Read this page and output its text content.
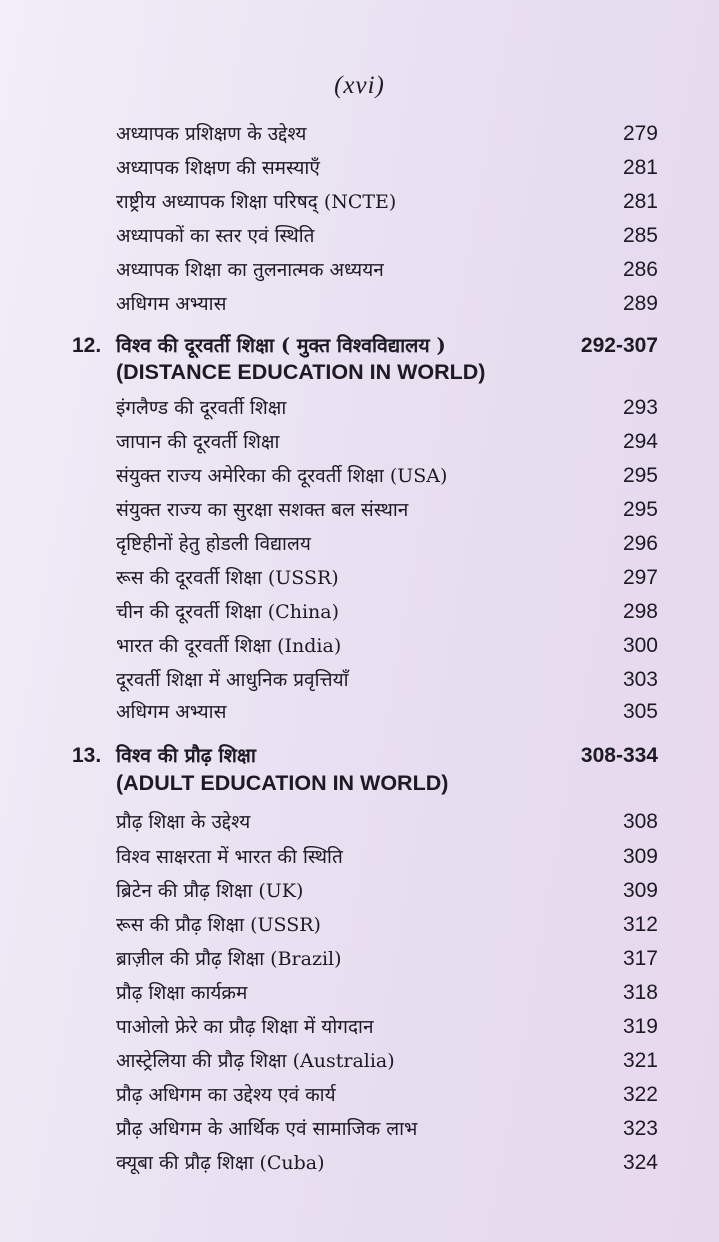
(xvi)
अध्यापक प्रशिक्षण के उद्देश्य	279
अध्यापक शिक्षण की समस्याएँ	281
राष्ट्रीय अध्यापक शिक्षा परिषद् (NCTE)	281
अध्यापकों का स्तर एवं स्थिति	285
अध्यापक शिक्षा का तुलनात्मक अध्ययन	286
अधिगम अभ्यास	289
12. विश्व की दूरवर्ती शिक्षा ( मुक्त विश्वविद्यालय )	292-307
(DISTANCE EDUCATION IN WORLD)
इंगलैण्ड की दूरवर्ती शिक्षा	293
जापान की दूरवर्ती शिक्षा	294
संयुक्त राज्य अमेरिका की दूरवर्ती शिक्षा (USA)	295
संयुक्त राज्य का सुरक्षा सशक्त बल संस्थान	295
दृष्टिहीनों हेतु होडली विद्यालय	296
रूस की दूरवर्ती शिक्षा (USSR)	297
चीन की दूरवर्ती शिक्षा (China)	298
भारत की दूरवर्ती शिक्षा (India)	300
दूरवर्ती शिक्षा में आधुनिक प्रवृत्तियाँ	303
अधिगम अभ्यास	305
13. विश्व की प्रौढ़ शिक्षा	308-334
(ADULT EDUCATION IN WORLD)
प्रौढ़ शिक्षा के उद्देश्य	308
विश्व साक्षरता में भारत की स्थिति	309
ब्रिटेन की प्रौढ़ शिक्षा (UK)	309
रूस की प्रौढ़ शिक्षा (USSR)	312
ब्राज़ील की प्रौढ़ शिक्षा (Brazil)	317
प्रौढ़ शिक्षा कार्यक्रम	318
पाओलो फ्रेरे का प्रौढ़ शिक्षा में योगदान	319
आस्ट्रेलिया की प्रौढ़ शिक्षा (Australia)	321
प्रौढ़ अधिगम का उद्देश्य एवं कार्य	322
प्रौढ़ अधिगम के आर्थिक एवं सामाजिक लाभ	323
क्यूबा की प्रौढ़ शिक्षा (Cuba)	324
